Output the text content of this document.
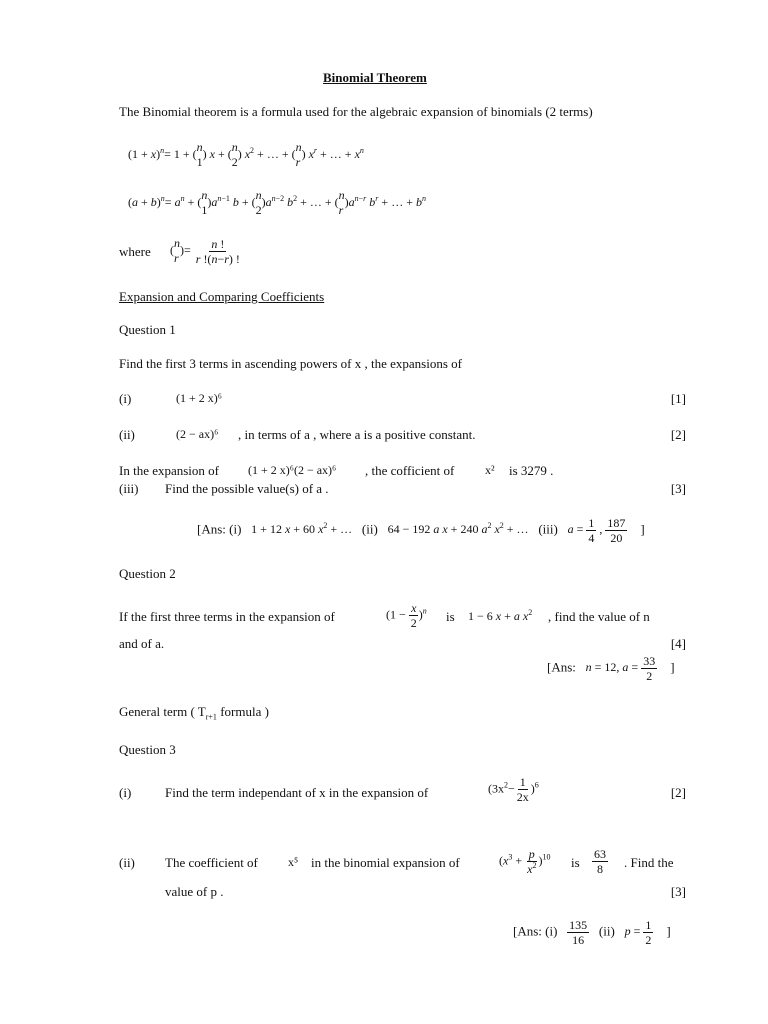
Binomial Theorem
The Binomial theorem is a formula used for the algebraic expansion of binomials (2 terms)
$(1 + x)^n= 1 + (n$
1) x + (n
2) $x^2$ + … + (n
r) $x^r$ + … + $x^n$
$(a + b)^n= a^n + (n$
$1)a^{n-1}$ b + (n
$2)a^{n-2}$ $b^2$ + … + (n
$r)a^{n-r}$ $b^r$ + … + $b^n$
where (n
$r)= \frac{n !}{r !(n-r) !}$
Expansion and Comparing Coefficients
Question 1
Find the first 3 terms in ascending powers of x , the expansions of
(i)	(1 + 2 x)⁶	[1]
(ii)	(2 − ax)⁶ , in terms of a , where a is a positive constant.	[2]
In the expansion of (1 + 2 x)⁶(2 − ax)⁶ , the cofficient of	x² is 3279 .
(iii) Find the possible value(s) of a .	[3]
[Ans: (i)   1 + 12 x + 60 $x^2$ + …   (ii)   64 − 192 a x + 240 $a^2$ $x^2$ + …   (iii)   $a = \frac{1}{4}$ , $\frac{187}{20}$ ]
Question 2
If the first three terms in the expansion of	$(1 - \frac{x}{2} )^n$ is 1 − 6 x + a $x^2$ , find the value of n
and of a.	[4]
[Ans:   n = 12, $a = \frac{33}{2}$ ]
General term ( $T_{r+1}$ formula )
Question 3
(i)	Find the term independant of x in the expansion of	$(3x^2- \frac{1}{2x} )^6$
[2]
(ii) The coefficient of	x⁵ in the binomial expansion of	$(x^3 + \frac{p}{x^2} )^{10}$ is $\frac{63}{8}$ . Find the
value of p .	[3]
[Ans: $(i) \frac{135}{16} (ii) p = \frac{1}{2}$ ]
